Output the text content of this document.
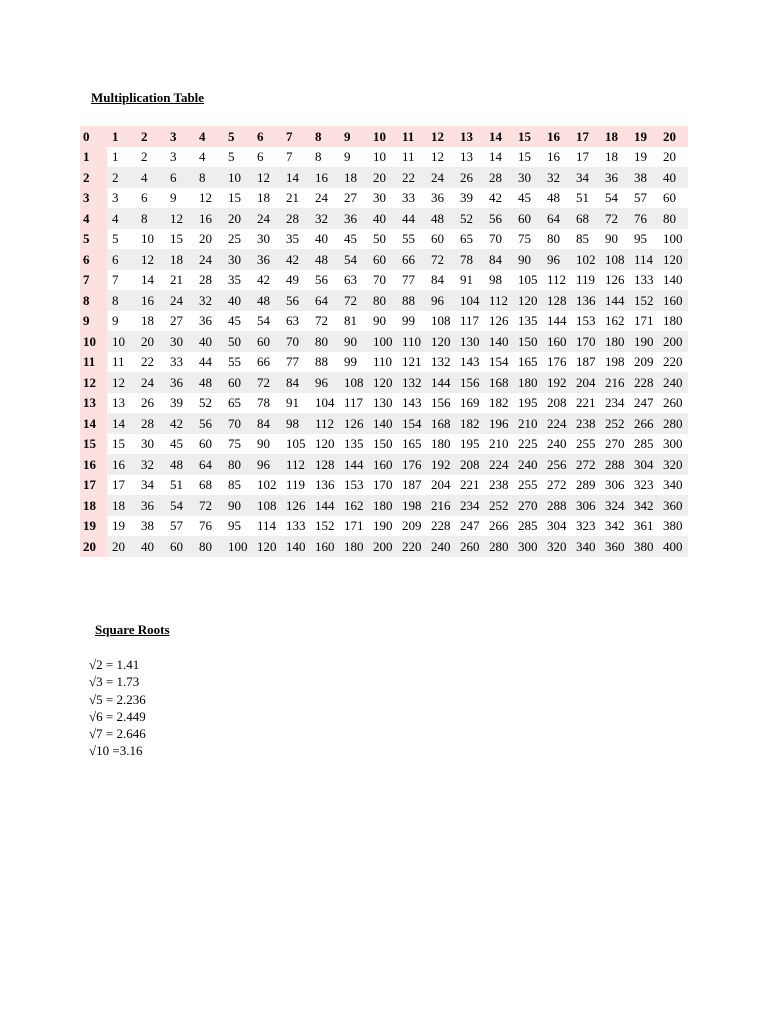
Multiplication Table
0	1	2	3	4	5	6	7	8	9	10	11	12	13	14	15	16	17	18	19	20
1	1	2	3	4	5	6	7	8	9	10	11	12	13	14	15	16	17	18	19	20
2	2	4	6	8	10	12	14	16	18	20	22	24	26	28	30	32	34	36	38	40
3	3	6	9	12	15	18	21	24	27	30	33	36	39	42	45	48	51	54	57	60
4	4	8	12	16	20	24	28	32	36	40	44	48	52	56	60	64	68	72	76	80
5	5	10	15	20	25	30	35	40	45	50	55	60	65	70	75	80	85	90	95	100
6	6	12	18	24	30	36	42	48	54	60	66	72	78	84	90	96	102	108	114	120
7	7	14	21	28	35	42	49	56	63	70	77	84	91	98	105	112	119	126	133	140
8	8	16	24	32	40	48	56	64	72	80	88	96	104	112	120	128	136	144	152	160
9	9	18	27	36	45	54	63	72	81	90	99	108	117	126	135	144	153	162	171	180
10	10	20	30	40	50	60	70	80	90	100	110	120	130	140	150	160	170	180	190	200
11	11	22	33	44	55	66	77	88	99	110	121	132	143	154	165	176	187	198	209	220
12	12	24	36	48	60	72	84	96	108	120	132	144	156	168	180	192	204	216	228	240
13	13	26	39	52	65	78	91	104	117	130	143	156	169	182	195	208	221	234	247	260
14	14	28	42	56	70	84	98	112	126	140	154	168	182	196	210	224	238	252	266	280
15	15	30	45	60	75	90	105	120	135	150	165	180	195	210	225	240	255	270	285	300
16	16	32	48	64	80	96	112	128	144	160	176	192	208	224	240	256	272	288	304	320
17	17	34	51	68	85	102	119	136	153	170	187	204	221	238	255	272	289	306	323	340
18	18	36	54	72	90	108	126	144	162	180	198	216	234	252	270	288	306	324	342	360
19	19	38	57	76	95	114	133	152	171	190	209	228	247	266	285	304	323	342	361	380
20	20	40	60	80	100	120	140	160	180	200	220	240	260	280	300	320	340	360	380	400
Square Roots
√2 = 1.41
√3 = 1.73
√5 = 2.236
√6 = 2.449
√7 = 2.646
√10 =3.16
